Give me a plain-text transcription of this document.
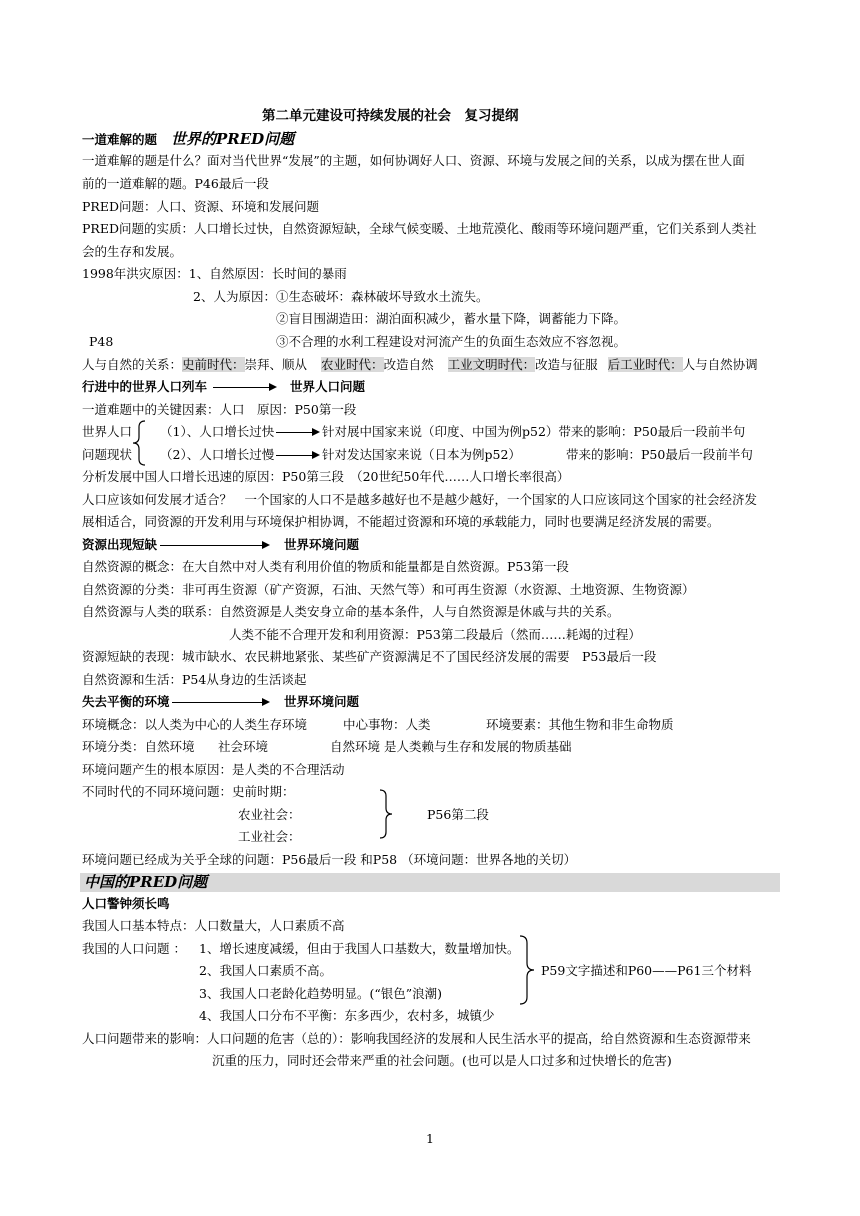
第二单元建设可持续发展的社会　复习提纲
一道难解的题 世界的PRED问题
一道难解的题是什么？面对当代世界“发展”的主题，如何协调好人口、资源、环境与发展之间的关系，以成为摆在世人面
前的一道难解的题。P46最后一段
PRED问题：人口、资源、环境和发展问题
PRED问题的实质：人口增长过快，自然资源短缺，全球气候变暖、土地荒漠化、酸雨等环境问题严重，它们关系到人类社
会的生存和发展。
1998年洪灾原因：1、自然原因：长时间的暴雨
2、人为原因：①生态破坏：森林破坏导致水土流失。
②盲目围湖造田：湖泊面积减少，蓄水量下降，调蓄能力下降。
P48	③不合理的水利工程建设对河流产生的负面生态效应不容忽视。
人与自然的关系：史前时代：崇拜、顺从 农业时代：改造自然 工业文明时代：改造与征服 后工业时代：人与自然协调
行进中的世界人口列车	世界人口问题
一道难题中的关键因素：人口　原因：P50第一段
世界人口 （1）、人口增长过快	针对展中国家来说（印度、中国为例p52）带来的影响：P50最后一段前半句
问题现状 （2）、人口增长过慢	针对发达国家来说（日本为例p52）	带来的影响：P50最后一段前半句
分析发展中国人口增长迅速的原因：P50第三段　（20世纪50年代……人口增长率很高）
人口应该如何发展才适合？　一个国家的人口不是越多越好也不是越少越好，一个国家的人口应该同这个国家的社会经济发
展相适合，同资源的开发利用与环境保护相协调，不能超过资源和环境的承载能力，同时也要满足经济发展的需要。
资源出现短缺	世界环境问题
自然资源的概念：在大自然中对人类有利用价值的物质和能量都是自然资源。P53第一段
自然资源的分类：非可再生资源（矿产资源，石油、天然气等）和可再生资源（水资源、土地资源、生物资源）
自然资源与人类的联系：自然资源是人类安身立命的基本条件，人与自然资源是休戚与共的关系。
人类不能不合理开发和利用资源：P53第二段最后（然而……耗竭的过程）
资源短缺的表现：城市缺水、农民耕地紧张、某些矿产资源满足不了国民经济发展的需要　P53最后一段
自然资源和生活：P54从身边的生活谈起
失去平衡的环境	世界环境问题
环境概念：以人类为中心的人类生存环境	中心事物：人类	环境要素：其他生物和非生命物质
环境分类：自然环境 社会环境	自然环境 是人类赖与生存和发展的物质基础
环境问题产生的根本原因：是人类的不合理活动
不同时代的不同环境问题：史前时期：
农业社会：	P56第二段
工业社会：
环境问题已经成为关乎全球的问题：P56最后一段 和P58 （环境问题：世界各地的关切）
中国的PRED问题
人口警钟须长鸣
我国人口基本特点：人口数量大，人口素质不高
我国的人口问题 ： 1、增长速度减缓，但由于我国人口基数大，数量增加快。
2、我国人口素质不高。	P59文字描述和P60——P61三个材料
3、我国人口老龄化趋势明显。(“银色”浪潮)
4、我国人口分布不平衡：东多西少，农村多，城镇少
人口问题带来的影响：人口问题的危害（总的）：影响我国经济的发展和人民生活水平的提高，给自然资源和生态资源带来
沉重的压力，同时还会带来严重的社会问题。(也可以是人口过多和过快增长的危害)
1
